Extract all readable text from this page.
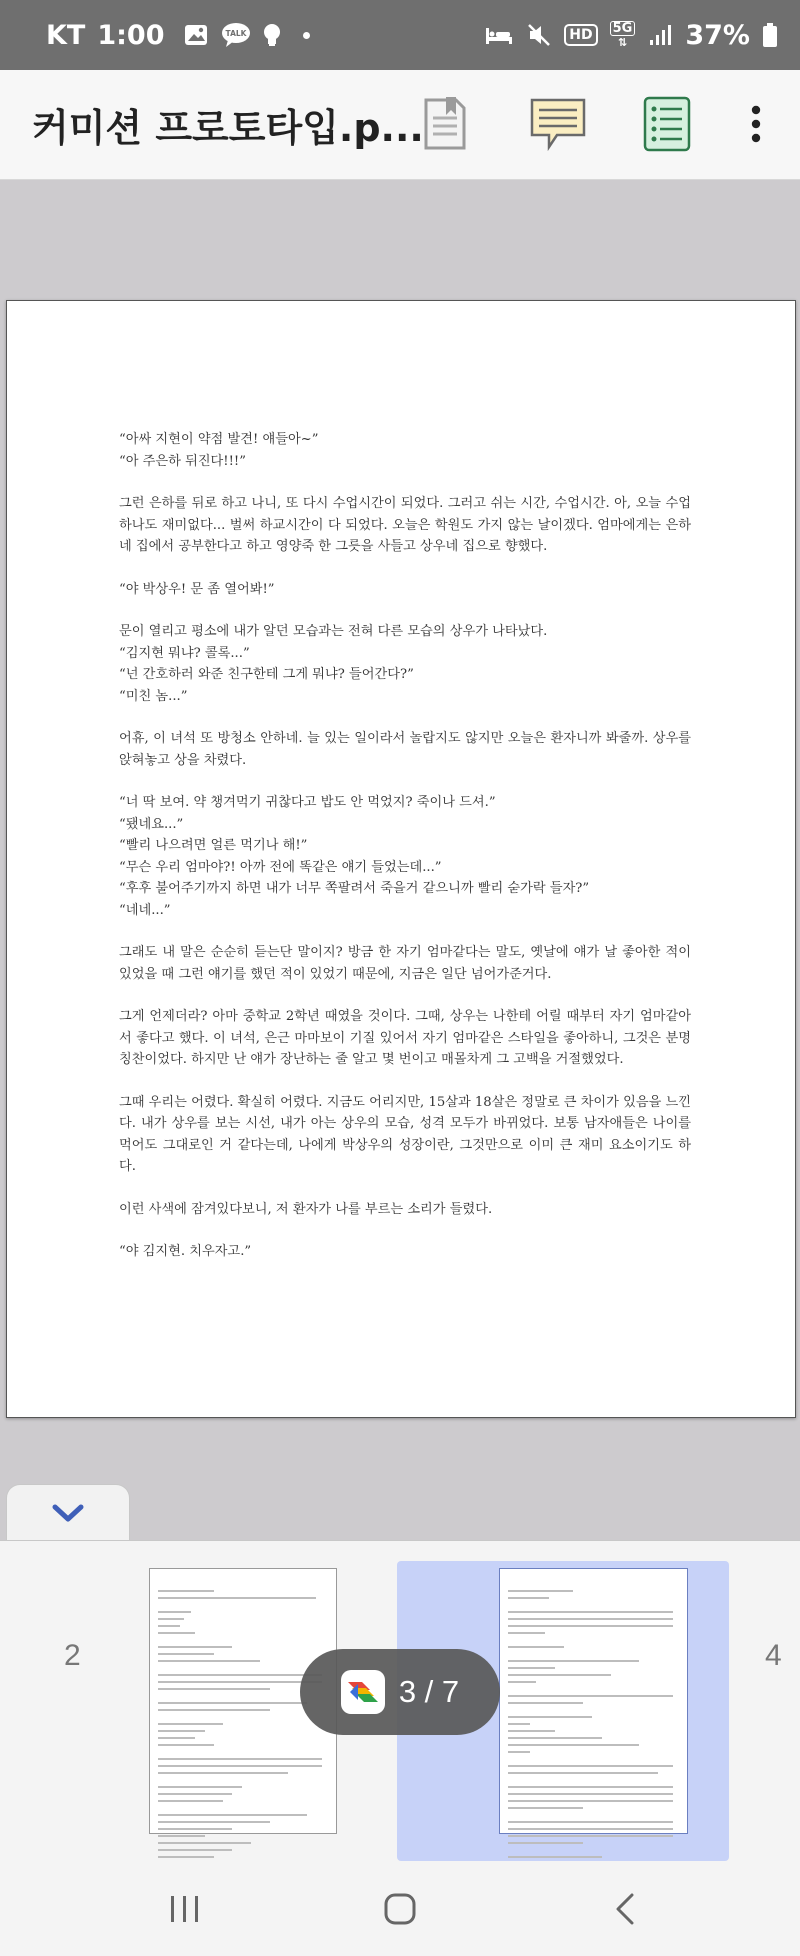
KT 1:00	TALK	HD	5G
⇅ 37%
커미션 프로토타입.p...

“아싸 지현이 약점 발견! 얘들아~”
“아 주은하 뒤진다!!!”

그런 은하를 뒤로 하고 나니, 또 다시 수업시간이 되었다. 그러고 쉬는 시간, 수업시간. 아, 오늘 수업 하나도 재미없다... 벌써 하교시간이 다 되었다. 오늘은 학원도 가지 않는 날이겠다. 엄마에게는 은하네 집에서 공부한다고 하고 영양죽 한 그릇을 사들고 상우네 집으로 향했다.

“야 박상우! 문 좀 열어봐!”

문이 열리고 평소에 내가 알던 모습과는 전혀 다른 모습의 상우가 나타났다.
“김지현 뭐냐? 콜록...”
“넌 간호하러 와준 친구한테 그게 뭐냐? 들어간다?”
“미친 놈...”

어휴, 이 녀석 또 방청소 안하네. 늘 있는 일이라서 놀랍지도 않지만 오늘은 환자니까 봐줄까. 상우를 앉혀놓고 상을 차렸다.

“너 딱 보여. 약 챙겨먹기 귀찮다고 밥도 안 먹었지? 죽이나 드셔.”
“됐네요...”
“빨리 나으려면 얼른 먹기나 해!”
“무슨 우리 엄마야?! 아까 전에 똑같은 얘기 들었는데...”
“후후 불어주기까지 하면 내가 너무 쪽팔려서 죽을거 같으니까 빨리 숟가락 들자?”
“네네...”

그래도 내 말은 순순히 듣는단 말이지? 방금 한 자기 엄마같다는 말도, 옛날에 얘가 날 좋아한 적이 있었을 때 그런 얘기를 했던 적이 있었기 때문에, 지금은 일단 넘어가준거다.

그게 언제더라? 아마 중학교 2학년 때였을 것이다. 그때, 상우는 나한테 어릴 때부터 자기 엄마같아서 좋다고 했다. 이 녀석, 은근 마마보이 기질 있어서 자기 엄마같은 스타일을 좋아하니, 그것은 분명 칭찬이었다. 하지만 난 얘가 장난하는 줄 알고 몇 번이고 매몰차게 그 고백을 거절했었다.

그때 우리는 어렸다. 확실히 어렸다. 지금도 어리지만, 15살과 18살은 정말로 큰 차이가 있음을 느낀다. 내가 상우를 보는 시선, 내가 아는 상우의 모습, 성격 모두가 바뀌었다. 보통 남자애들은 나이를 먹어도 그대로인 거 같다는데, 나에게 박상우의 성장이란, 그것만으로 이미 큰 재미 요소이기도 하다.

이런 사색에 잠겨있다보니, 저 환자가 나를 부르는 소리가 들렸다.

“야 김지현. 치우자고.”

2	4
3 / 7
